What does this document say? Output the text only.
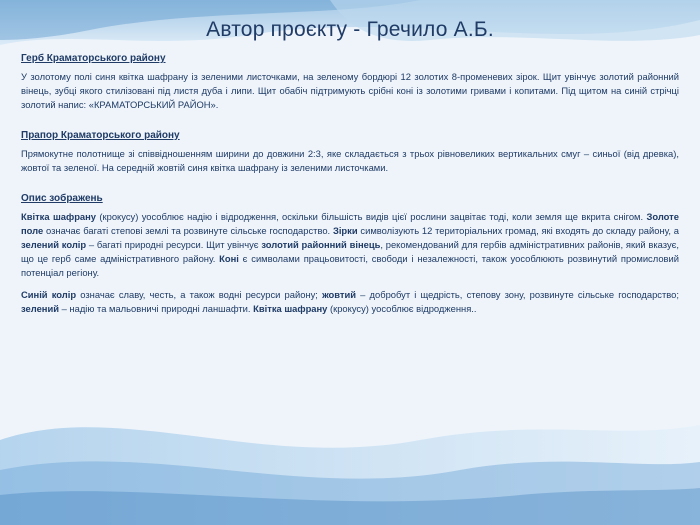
Автор проєкту - Гречило А.Б.
Герб Краматорського району

У золотому полі синя квітка шафрану із зеленими листочками, на зеленому бордюрі 12 золотих 8-променевих зірок. Щит увінчує золотий районний вінець, зубці якого стилізовані під листя дуба і липи. Щит обабіч підтримують срібні коні із золотими гривами і копитами. Під щитом на синій стрічці золотий напис: «КРАМАТОРСЬКИЙ РАЙОН».

Прапор Краматорського району

Прямокутне полотнище зі співвідношенням ширини до довжини 2:3, яке складається з трьох рівновеликих вертикальних смуг – синьої (від древка), жовтої та зеленої. На середній жовтій синя квітка шафрану із зеленими листочками.

Опис зображень

Квітка шафрану (крокусу) уособлює надію і відродження, оскільки більшість видів цієї рослини зацвітає тоді, коли земля ще вкрита снігом. Золоте поле означає багаті степові землі та розвинуте сільське господарство. Зірки символізують 12 територіальних громад, які входять до складу району, а зелений колір – багаті природні ресурси. Щит увінчує золотий районний вінець, рекомендований для гербів адміністративних районів, який вказує, що це герб саме адміністративного району. Коні є символами працьовитості, свободи і незалежності, також уособлюють розвинутий промисловий потенціал регіону.

Синій колір означає славу, честь, а також водні ресурси району; жовтий – добробут і щедрість, степову зону, розвинуте сільське господарство; зелений – надію та мальовничі природні ланшафти. Квітка шафрану (крокусу) уособлює відродження..
